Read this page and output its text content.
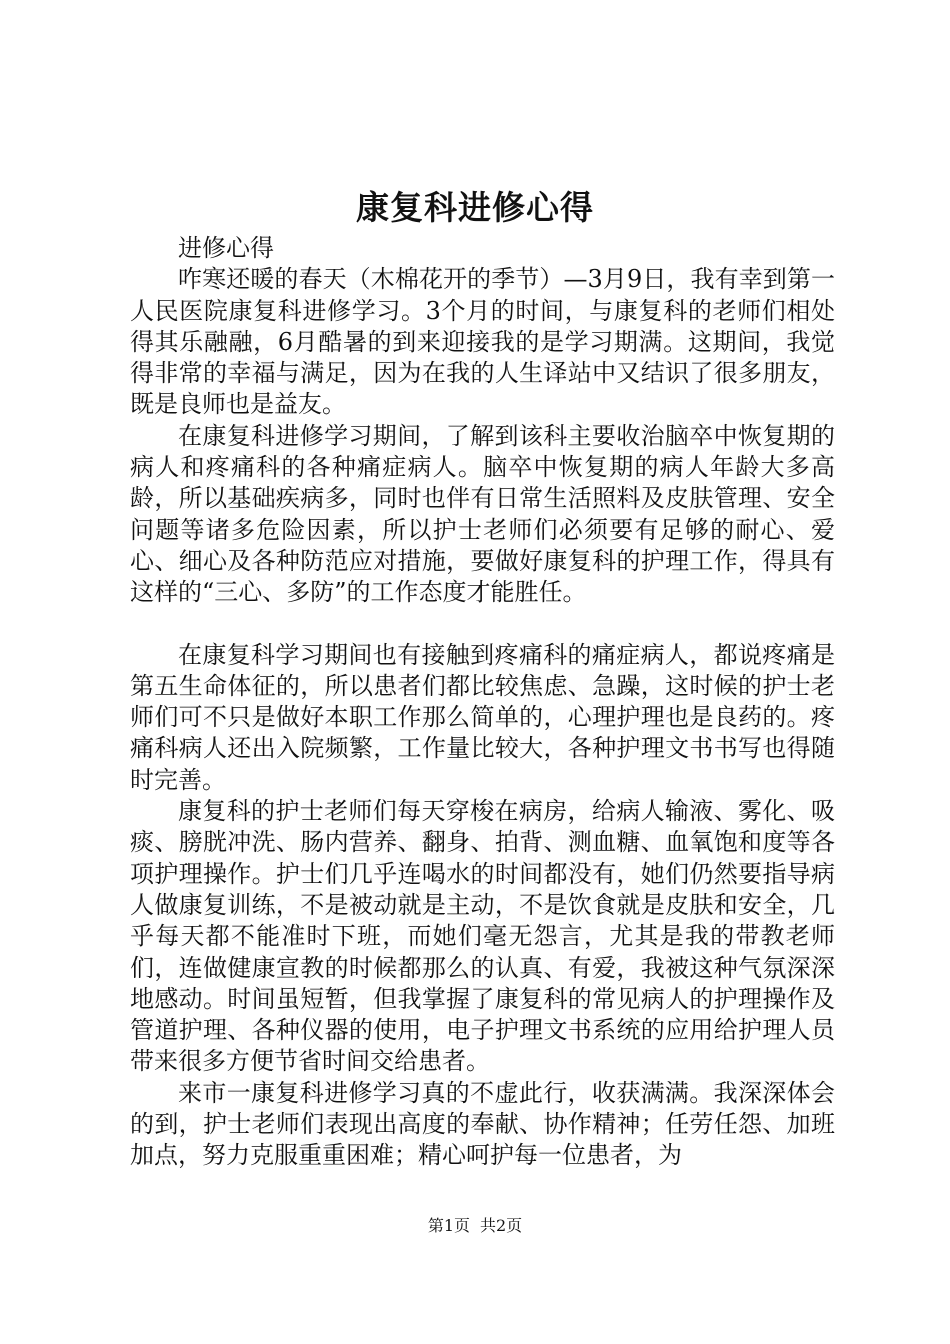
康复科进修心得

进修心得

咋寒还暖的春天（木棉花开的季节）—3月9日，我有幸到第一人民医院康复科进修学习。3个月的时间，与康复科的老师们相处得其乐融融，6月酷暑的到来迎接我的是学习期满。这期间，我觉得非常的幸福与满足，因为在我的人生译站中又结识了很多朋友，既是良师也是益友。

在康复科进修学习期间，了解到该科主要收治脑卒中恢复期的病人和疼痛科的各种痛症病人。脑卒中恢复期的病人年龄大多高龄，所以基础疾病多，同时也伴有日常生活照料及皮肤管理、安全问题等诸多危险因素，所以护士老师们必须要有足够的耐心、爱心、细心及各种防范应对措施，要做好康复科的护理工作，得具有这样的“三心、多防”的工作态度才能胜任。

在康复科学习期间也有接触到疼痛科的痛症病人，都说疼痛是第五生命体征的，所以患者们都比较焦虑、急躁，这时候的护士老师们可不只是做好本职工作那么简单的，心理护理也是良药的。疼痛科病人还出入院频繁，工作量比较大，各种护理文书书写也得随时完善。

康复科的护士老师们每天穿梭在病房，给病人输液、雾化、吸痰、膀胱冲洗、肠内营养、翻身、拍背、测血糖、血氧饱和度等各项护理操作。护士们几乎连喝水的时间都没有，她们仍然要指导病人做康复训练，不是被动就是主动，不是饮食就是皮肤和安全，几乎每天都不能准时下班，而她们毫无怨言，尤其是我的带教老师们，连做健康宣教的时候都那么的认真、有爱，我被这种气氛深深地感动。时间虽短暂，但我掌握了康复科的常见病人的护理操作及管道护理、各种仪器的使用，电子护理文书系统的应用给护理人员带来很多方便节省时间交给患者。

来市一康复科进修学习真的不虚此行，收获满满。我深深体会的到，护士老师们表现出高度的奉献、协作精神；任劳任怨、加班加点，努力克服重重困难；精心呵护每一位患者，为

第1页 共2页
